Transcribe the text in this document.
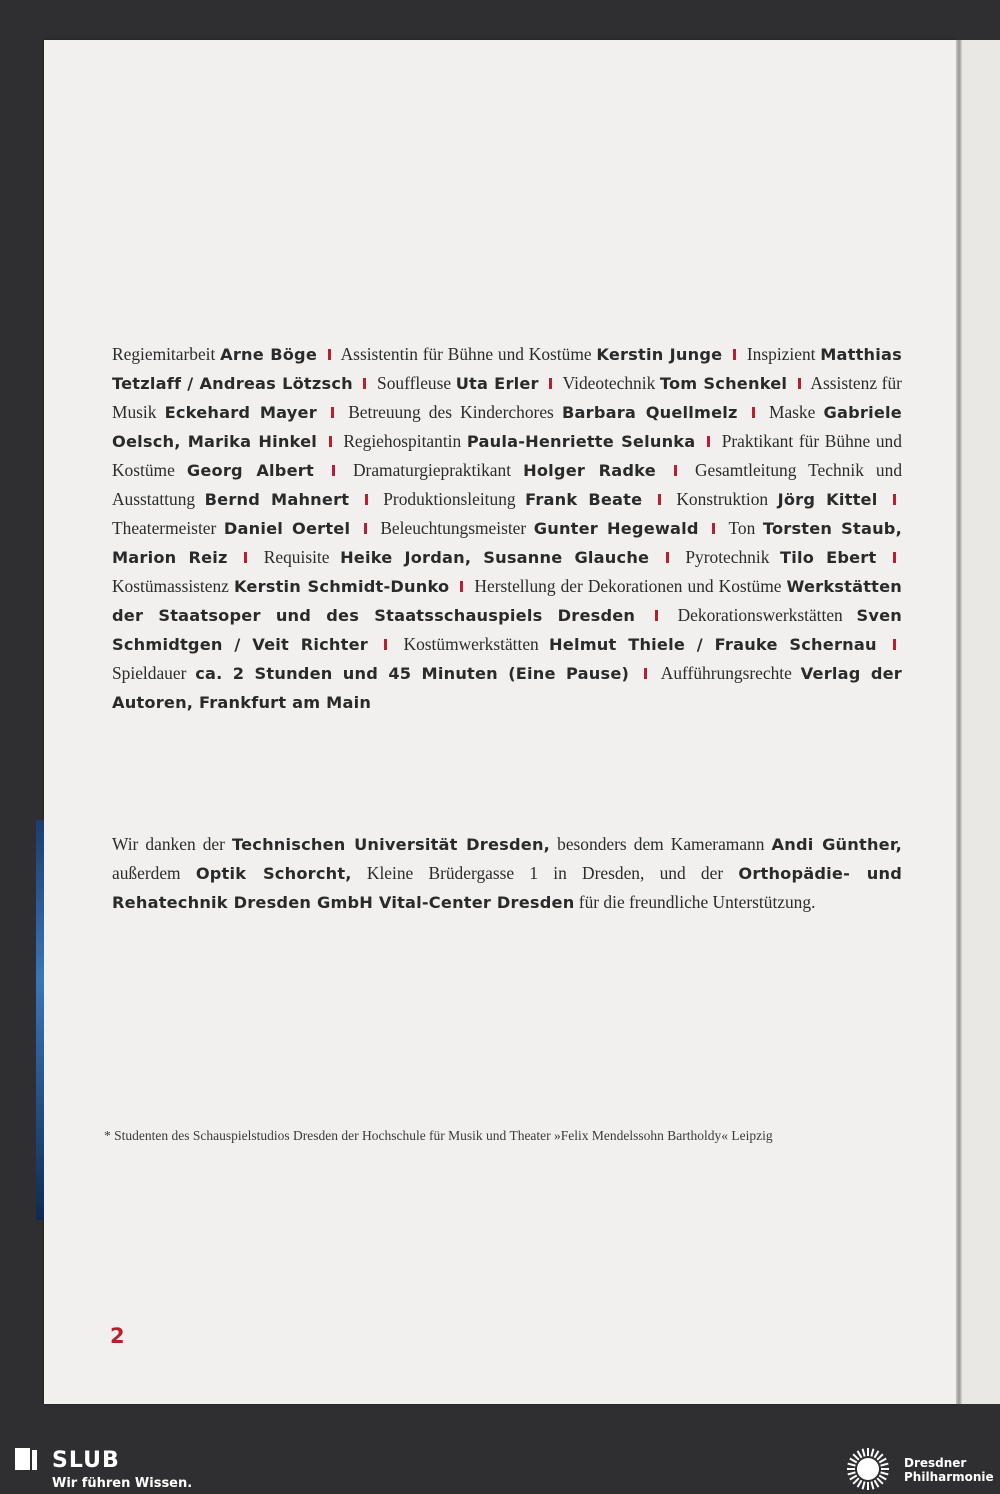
Regiemitarbeit Arne Böge Assistentin für Bühne und Kostüme Kerstin Junge Inspizient Matthias Tetzlaff / Andreas Lötzsch Souffleuse Uta Erler Videotechnik Tom Schenkel Assistenz für Musik Eckehard Mayer Betreuung des Kinderchores Barbara Quellmelz Maske Gabriele Oelsch, Marika Hinkel Regiehospitantin Paula-Henriette Selunka Praktikant für Bühne und Kostüme Georg Albert Dramaturgiepraktikant Holger Radke Gesamtleitung Technik und Ausstattung Bernd Mahnert Produktionsleitung Frank Beate Konstruktion Jörg Kittel  Theatermeister Daniel Oertel Beleuchtungsmeister Gunter Hegewald Ton Torsten Staub, Marion Reiz Requisite Heike Jordan, Susanne Glauche Pyrotechnik Tilo Ebert  Kostümassistenz Kerstin Schmidt-Dunko Herstellung der Dekorationen und Kostüme Werkstätten der Staatsoper und des Staatsschauspiels Dresden Dekorationswerkstätten Sven Schmidtgen / Veit Richter Kostümwerkstätten Helmut Thiele / Frauke Schernau  Spieldauer ca. 2 Stunden und 45 Minuten (Eine Pause) Aufführungsrechte Verlag der Autoren, Frankfurt am Main
Wir danken der Technischen Universität Dresden, besonders dem Kameramann Andi Günther, außerdem Optik Schorcht, Kleine Brüdergasse 1 in Dresden, und der Orthopädie- und Rehatechnik Dresden GmbH Vital-Center Dresden für die freundliche Unterstützung.
* Studenten des Schauspielstudios Dresden der Hochschule für Musik und Theater »Felix Mendelssohn Bartholdy« Leipzig
2
SLUB
Wir führen Wissen.
Dresdner
Philharmonie
